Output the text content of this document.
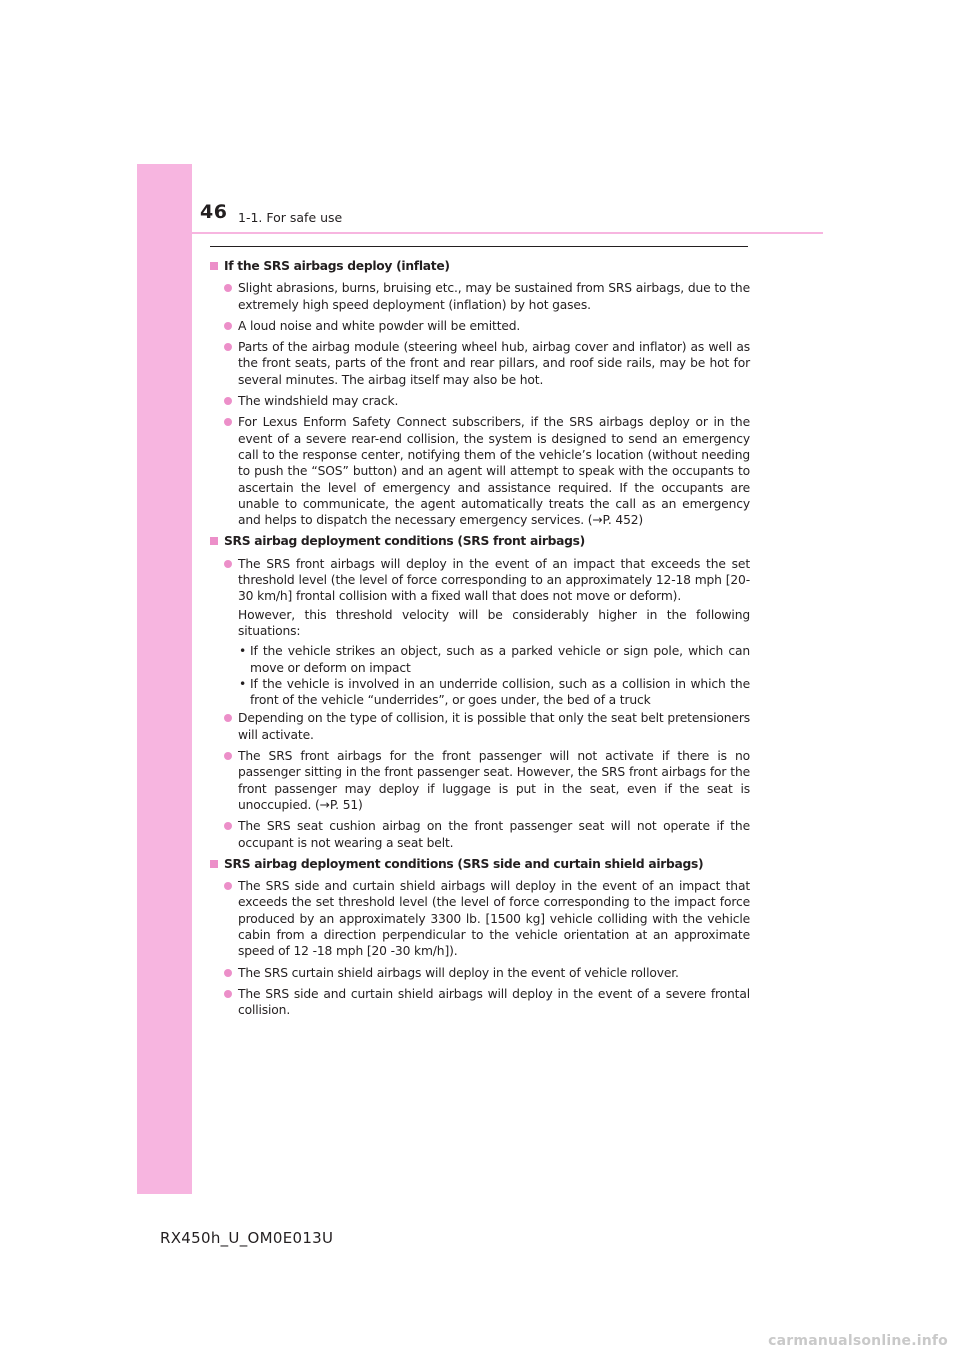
46 1-1. For safe use
If the SRS airbags deploy (inflate)
Slight abrasions, burns, bruising etc., may be sustained from SRS airbags, due to the extremely high speed deployment (inflation) by hot gases.
A loud noise and white powder will be emitted.
Parts of the airbag module (steering wheel hub, airbag cover and inflator) as well as the front seats, parts of the front and rear pillars, and roof side rails, may be hot for several minutes. The airbag itself may also be hot.
The windshield may crack.
For Lexus Enform Safety Connect subscribers, if the SRS airbags deploy or in the event of a severe rear-end collision, the system is designed to send an emergency call to the response center, notifying them of the vehicle’s location (without needing to push the “SOS” button) and an agent will attempt to speak with the occupants to ascertain the level of emergency and assistance required. If the occupants are unable to communicate, the agent automatically treats the call as an emergency and helps to dispatch the necessary emergency services. (→P. 452)
SRS airbag deployment conditions (SRS front airbags)
The SRS front airbags will deploy in the event of an impact that exceeds the set threshold level (the level of force corresponding to an approximately 12-18 mph [20-30 km/h] frontal collision with a fixed wall that does not move or deform).
However, this threshold velocity will be considerably higher in the following situations:
• If the vehicle strikes an object, such as a parked vehicle or sign pole, which can move or deform on impact
• If the vehicle is involved in an underride collision, such as a collision in which the front of the vehicle “underrides”, or goes under, the bed of a truck
Depending on the type of collision, it is possible that only the seat belt pretensioners will activate.
The SRS front airbags for the front passenger will not activate if there is no passenger sitting in the front passenger seat. However, the SRS front airbags for the front passenger may deploy if luggage is put in the seat, even if the seat is unoccupied. (→P. 51)
The SRS seat cushion airbag on the front passenger seat will not operate if the occupant is not wearing a seat belt.
SRS airbag deployment conditions (SRS side and curtain shield airbags)
The SRS side and curtain shield airbags will deploy in the event of an impact that exceeds the set threshold level (the level of force corresponding to the impact force produced by an approximately 3300 lb. [1500 kg] vehicle colliding with the vehicle cabin from a direction perpendicular to the vehicle orientation at an approximate speed of 12 -18 mph [20 -30 km/h]).
The SRS curtain shield airbags will deploy in the event of vehicle rollover.
The SRS side and curtain shield airbags will deploy in the event of a severe frontal collision.
RX450h_U_OM0E013U
carmanualsonline.info
